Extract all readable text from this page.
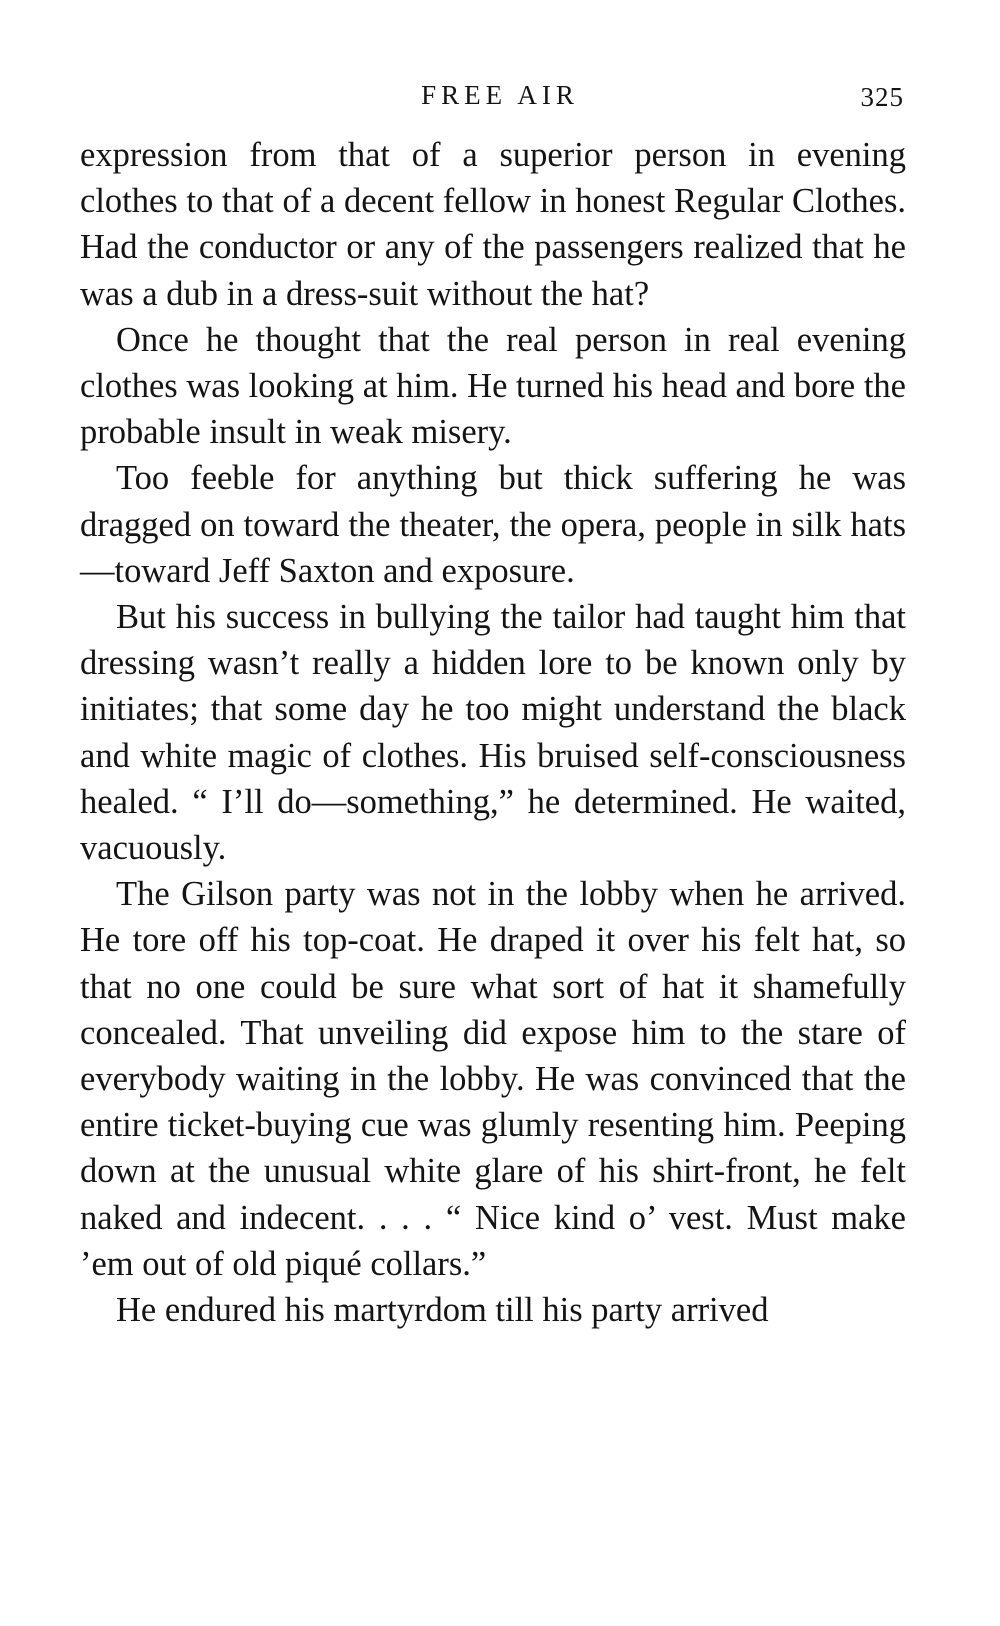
FREE AIR	325

expression from that of a superior person in evening clothes to that of a decent fellow in honest Regular Clothes. Had the conductor or any of the passengers realized that he was a dub in a dress-suit without the hat?

Once he thought that the real person in real evening clothes was looking at him. He turned his head and bore the probable insult in weak misery.

Too feeble for anything but thick suffering he was dragged on toward the theater, the opera, people in silk hats—toward Jeff Saxton and exposure.

But his success in bullying the tailor had taught him that dressing wasn’t really a hidden lore to be known only by initiates; that some day he too might understand the black and white magic of clothes. His bruised self-consciousness healed. “ I’ll do—something,” he determined. He waited, vacuously.

The Gilson party was not in the lobby when he arrived. He tore off his top-coat. He draped it over his felt hat, so that no one could be sure what sort of hat it shamefully concealed. That unveiling did expose him to the stare of everybody waiting in the lobby. He was convinced that the entire ticket-buying cue was glumly resenting him. Peeping down at the unusual white glare of his shirt-front, he felt naked and indecent. . . . “ Nice kind o’ vest. Must make ’em out of old piqué collars.”

He endured his martyrdom till his party arrived
